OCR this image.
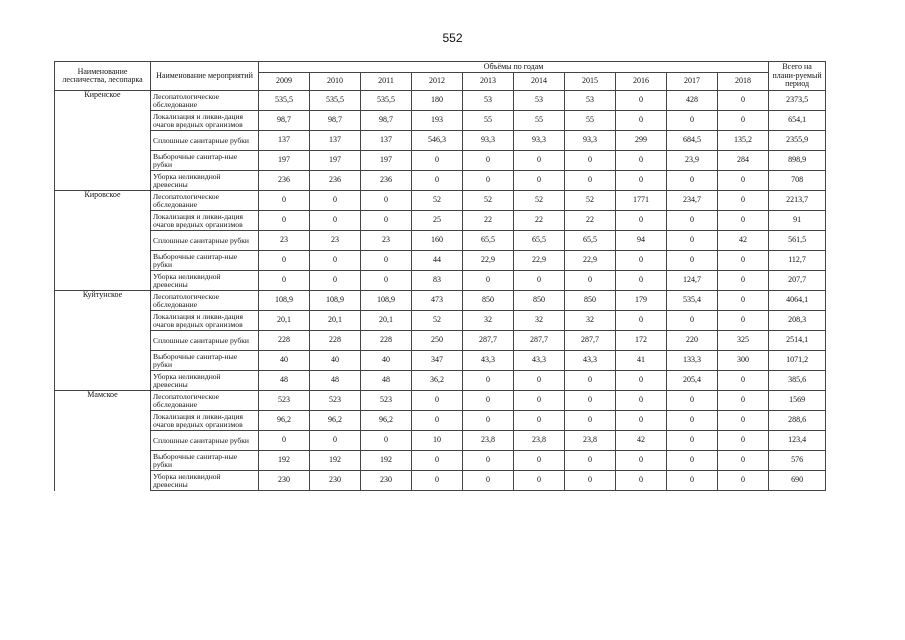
552
Наименование лесничества, лесопарка	Наименование мероприятий	Объёмы по годам										Всего на плани-руемый период
		2009	2010	2011	2012	2013	2014	2015	2016	2017	2018	
Киренское	Лесопатологическое обследование	535,5	535,5	535,5	180	53	53	53	0	428	0	2373,5
	Локализация и ликви-дация очагов вредных организмов	98,7	98,7	98,7	193	55	55	55	0	0	0	654,1
	Сплошные санитарные рубки	137	137	137	546,3	93,3	93,3	93,3	299	684,5	135,2	2355,9
	Выборочные санитар-ные рубки	197	197	197	0	0	0	0	0	23,9	284	898,9
	Уборка неликвидной древесины	236	236	236	0	0	0	0	0	0	0	708
Кировское	Лесопатологическое обследование	0	0	0	52	52	52	52	1771	234,7	0	2213,7
	Локализация и ликви-дация очагов вредных организмов	0	0	0	25	22	22	22	0	0	0	91
	Сплошные санитарные рубки	23	23	23	160	65,5	65,5	65,5	94	0	42	561,5
	Выборочные санитар-ные рубки	0	0	0	44	22,9	22,9	22,9	0	0	0	112,7
	Уборка неликвидной древесины	0	0	0	83	0	0	0	0	124,7	0	207,7
Куйтунское	Лесопатологическое обследование	108,9	108,9	108,9	473	850	850	850	179	535,4	0	4064,1
	Локализация и ликви-дация очагов вредных организмов	20,1	20,1	20,1	52	32	32	32	0	0	0	208,3
	Сплошные санитарные рубки	228	228	228	250	287,7	287,7	287,7	172	220	325	2514,1
	Выборочные санитар-ные рубки	40	40	40	347	43,3	43,3	43,3	41	133,3	300	1071,2
	Уборка неликвидной древесины	48	48	48	36,2	0	0	0	0	205,4	0	385,6
Мамское	Лесопатологическое обследование	523	523	523	0	0	0	0	0	0	0	1569
	Локализация и ликви-дация очагов вредных организмов	96,2	96,2	96,2	0	0	0	0	0	0	0	288,6
	Сплошные санитарные рубки	0	0	0	10	23,8	23,8	23,8	42	0	0	123,4
	Выборочные санитар-ные рубки	192	192	192	0	0	0	0	0	0	0	576
	Уборка неликвидной древесины	230	230	230	0	0	0	0	0	0	0	690
